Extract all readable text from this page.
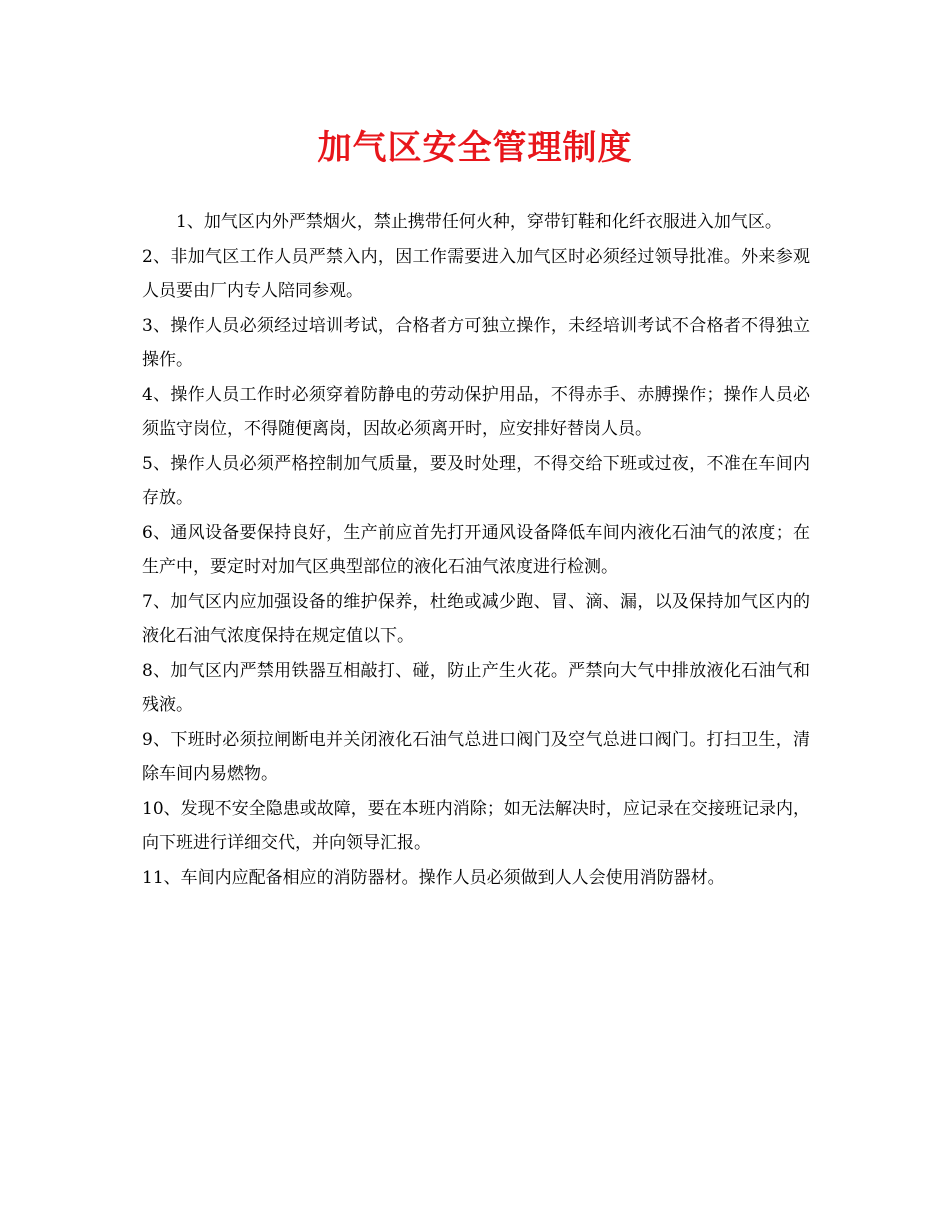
加气区安全管理制度

1、加气区内外严禁烟火，禁止携带任何火种，穿带钉鞋和化纤衣服进入加气区。

2、非加气区工作人员严禁入内，因工作需要进入加气区时必须经过领导批准。外来参观人员要由厂内专人陪同参观。

3、操作人员必须经过培训考试，合格者方可独立操作，未经培训考试不合格者不得独立操作。

4、操作人员工作时必须穿着防静电的劳动保护用品，不得赤手、赤膊操作；操作人员必须监守岗位，不得随便离岗，因故必须离开时，应安排好替岗人员。

5、操作人员必须严格控制加气质量，要及时处理，不得交给下班或过夜，不准在车间内存放。

6、通风设备要保持良好，生产前应首先打开通风设备降低车间内液化石油气的浓度；在生产中，要定时对加气区典型部位的液化石油气浓度进行检测。

7、加气区内应加强设备的维护保养，杜绝或减少跑、冒、滴、漏，以及保持加气区内的液化石油气浓度保持在规定值以下。

8、加气区内严禁用铁器互相敲打、碰，防止产生火花。严禁向大气中排放液化石油气和残液。

9、下班时必须拉闸断电并关闭液化石油气总进口阀门及空气总进口阀门。打扫卫生，清除车间内易燃物。

10、发现不安全隐患或故障，要在本班内消除；如无法解决时，应记录在交接班记录内，向下班进行详细交代，并向领导汇报。

11、车间内应配备相应的消防器材。操作人员必须做到人人会使用消防器材。
